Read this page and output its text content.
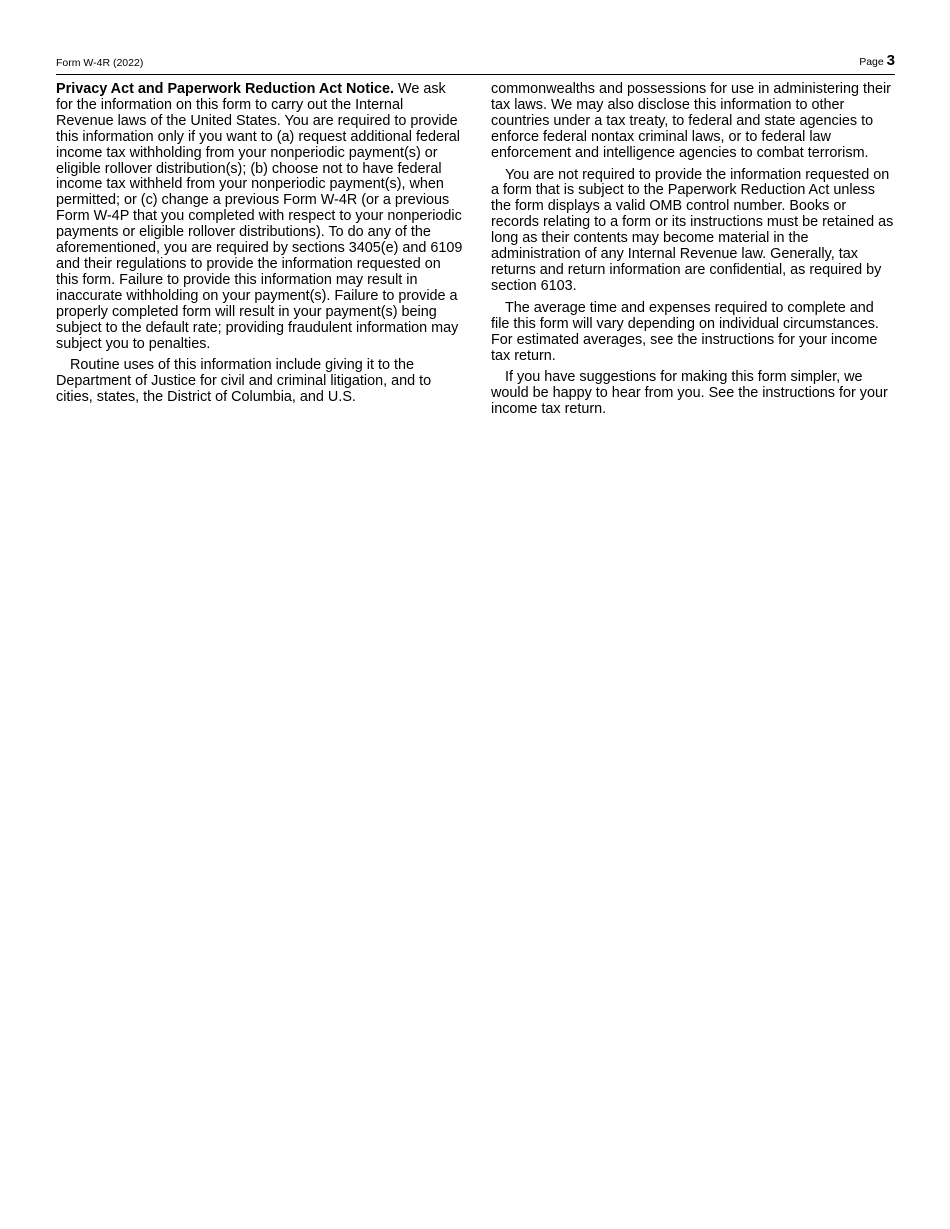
Form W-4R (2022)	Page 3

Privacy Act and Paperwork Reduction Act Notice. We ask for the information on this form to carry out the Internal Revenue laws of the United States. You are required to provide this information only if you want to (a) request additional federal income tax withholding from your nonperiodic payment(s) or eligible rollover distribution(s); (b) choose not to have federal income tax withheld from your nonperiodic payment(s), when permitted; or (c) change a previous Form W-4R (or a previous Form W-4P that you completed with respect to your nonperiodic payments or eligible rollover distributions). To do any of the aforementioned, you are required by sections 3405(e) and 6109 and their regulations to provide the information requested on this form. Failure to provide this information may result in inaccurate withholding on your payment(s). Failure to provide a properly completed form will result in your payment(s) being subject to the default rate; providing fraudulent information may subject you to penalties.

Routine uses of this information include giving it to the Department of Justice for civil and criminal litigation, and to cities, states, the District of Columbia, and U.S.

commonwealths and possessions for use in administering their tax laws. We may also disclose this information to other countries under a tax treaty, to federal and state agencies to enforce federal nontax criminal laws, or to federal law enforcement and intelligence agencies to combat terrorism.

You are not required to provide the information requested on a form that is subject to the Paperwork Reduction Act unless the form displays a valid OMB control number. Books or records relating to a form or its instructions must be retained as long as their contents may become material in the administration of any Internal Revenue law. Generally, tax returns and return information are confidential, as required by section 6103.

The average time and expenses required to complete and file this form will vary depending on individual circumstances. For estimated averages, see the instructions for your income tax return.

If you have suggestions for making this form simpler, we would be happy to hear from you. See the instructions for your income tax return.
